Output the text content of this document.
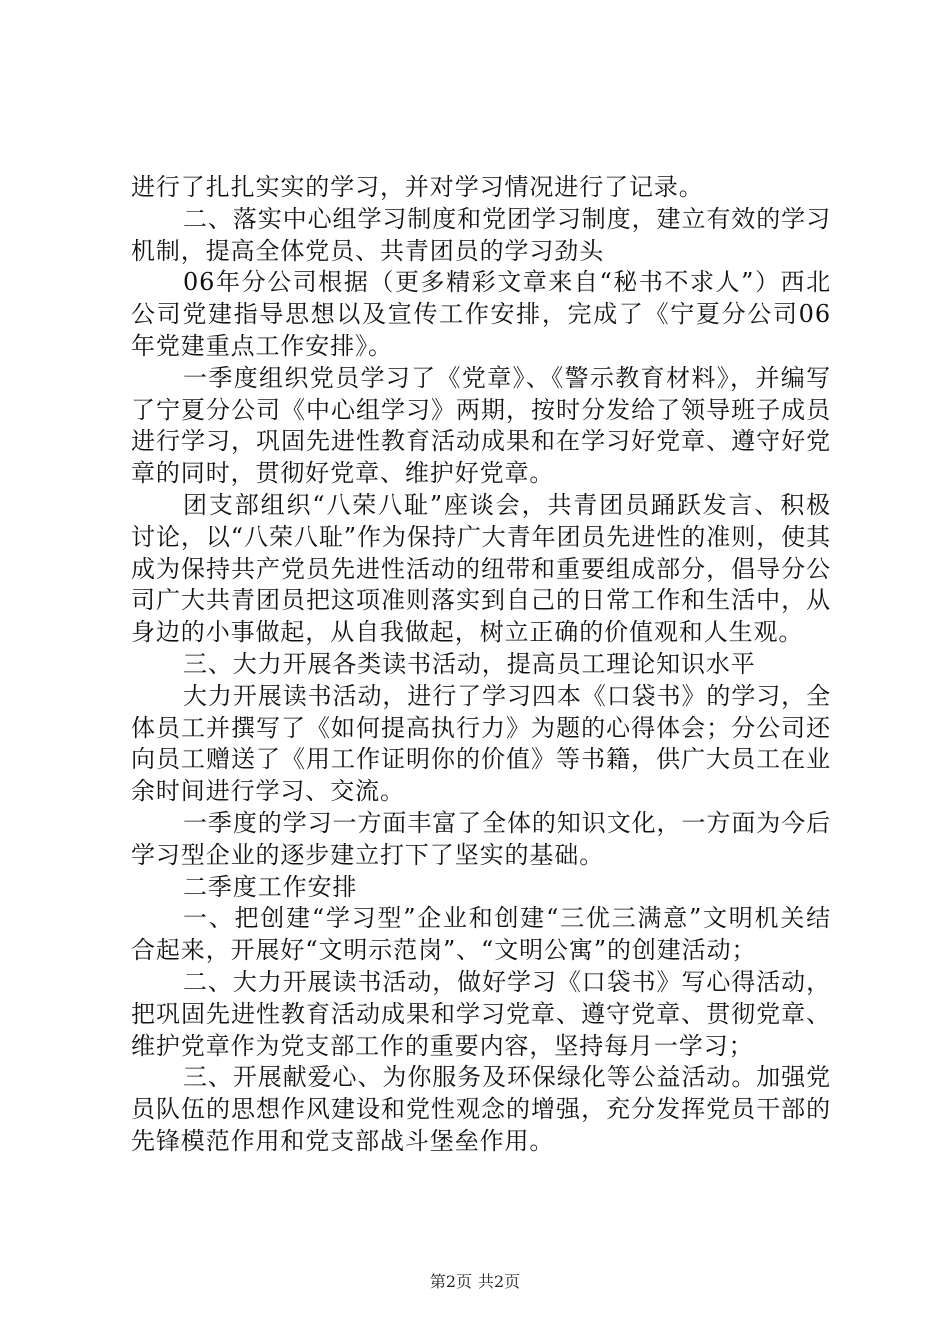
进行了扎扎实实的学习，并对学习情况进行了记录。

二、落实中心组学习制度和党团学习制度，建立有效的学习机制，提高全体党员、共青团员的学习劲头

06年分公司根据（更多精彩文章来自“秘书不求人”）西北公司党建指导思想以及宣传工作安排，完成了《宁夏分公司06年党建重点工作安排》。

一季度组织党员学习了《党章》、《警示教育材料》，并编写了宁夏分公司《中心组学习》两期，按时分发给了领导班子成员进行学习，巩固先进性教育活动成果和在学习好党章、遵守好党章的同时，贯彻好党章、维护好党章。

团支部组织“八荣八耻”座谈会，共青团员踊跃发言、积极讨论，以“八荣八耻”作为保持广大青年团员先进性的准则，使其成为保持共产党员先进性活动的纽带和重要组成部分，倡导分公司广大共青团员把这项准则落实到自己的日常工作和生活中，从身边的小事做起，从自我做起，树立正确的价值观和人生观。

三、大力开展各类读书活动，提高员工理论知识水平

大力开展读书活动，进行了学习四本《口袋书》的学习，全体员工并撰写了《如何提高执行力》为题的心得体会；分公司还向员工赠送了《用工作证明你的价值》等书籍，供广大员工在业余时间进行学习、交流。

一季度的学习一方面丰富了全体的知识文化，一方面为今后学习型企业的逐步建立打下了坚实的基础。

二季度工作安排

一、把创建“学习型”企业和创建“三优三满意”文明机关结合起来，开展好“文明示范岗”、“文明公寓”的创建活动；

二、大力开展读书活动，做好学习《口袋书》写心得活动，把巩固先进性教育活动成果和学习党章、遵守党章、贯彻党章、维护党章作为党支部工作的重要内容，坚持每月一学习；

三、开展献爱心、为你服务及环保绿化等公益活动。加强党员队伍的思想作风建设和党性观念的增强，充分发挥党员干部的先锋模范作用和党支部战斗堡垒作用。

第2页 共2页
